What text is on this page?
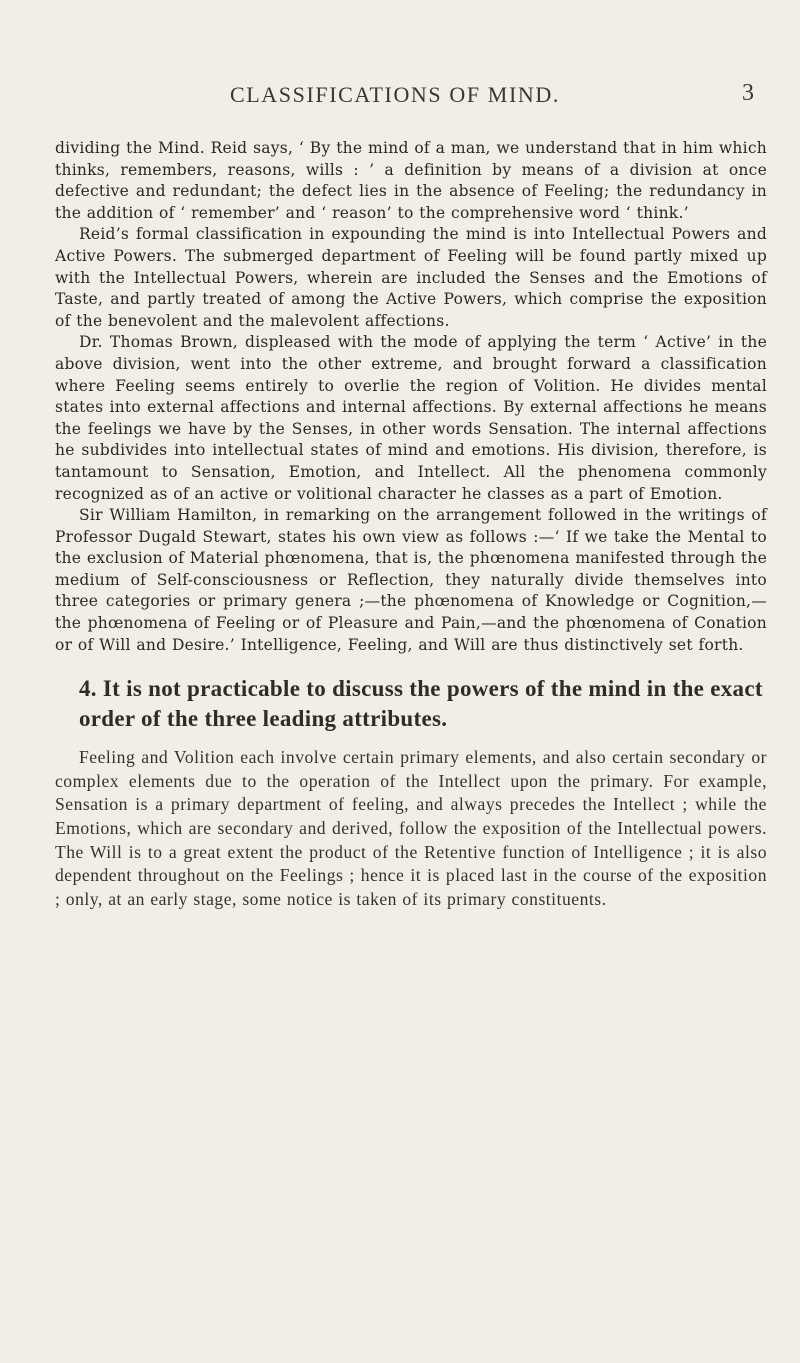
CLASSIFICATIONS OF MIND.	3

dividing the Mind. Reid says, ‘ By the mind of a man, we understand that in him which thinks, remembers, reasons, wills : ’ a definition by means of a division at once defective and redundant; the defect lies in the absence of Feeling; the redundancy in the addition of ‘ remember’ and ‘ reason’ to the comprehensive word ‘ think.’

Reid’s formal classification in expounding the mind is into Intellectual Powers and Active Powers. The submerged department of Feeling will be found partly mixed up with the Intellectual Powers, wherein are included the Senses and the Emotions of Taste, and partly treated of among the Active Powers, which comprise the exposition of the benevolent and the malevolent affections.

Dr. Thomas Brown, displeased with the mode of applying the term ‘ Active’ in the above division, went into the other extreme, and brought forward a classification where Feeling seems entirely to overlie the region of Volition. He divides mental states into external affections and internal affections. By external affections he means the feelings we have by the Senses, in other words Sensation. The internal affections he subdivides into intellectual states of mind and emotions. His division, therefore, is tantamount to Sensation, Emotion, and Intellect. All the phenomena commonly recognized as of an active or volitional character he classes as a part of Emotion.

Sir William Hamilton, in remarking on the arrangement followed in the writings of Professor Dugald Stewart, states his own view as follows :—‘ If we take the Mental to the exclusion of Material phœnomena, that is, the phœnomena manifested through the medium of Self-consciousness or Reflection, they naturally divide themselves into three categories or primary genera ;—the phœnomena of Knowledge or Cognition,—the phœnomena of Feeling or of Pleasure and Pain,—and the phœnomena of Conation or of Will and Desire.’ Intelligence, Feeling, and Will are thus distinctively set forth.

4. It is not practicable to discuss the powers of the mind in the exact order of the three leading attributes.

Feeling and Volition each involve certain primary elements, and also certain secondary or complex elements due to the operation of the Intellect upon the primary. For example, Sensation is a primary department of feeling, and always precedes the Intellect ; while the Emotions, which are secondary and derived, follow the exposition of the Intellectual powers. The Will is to a great extent the product of the Retentive function of Intelligence ; it is also dependent throughout on the Feelings ; hence it is placed last in the course of the exposition ; only, at an early stage, some notice is taken of its primary constituents.
